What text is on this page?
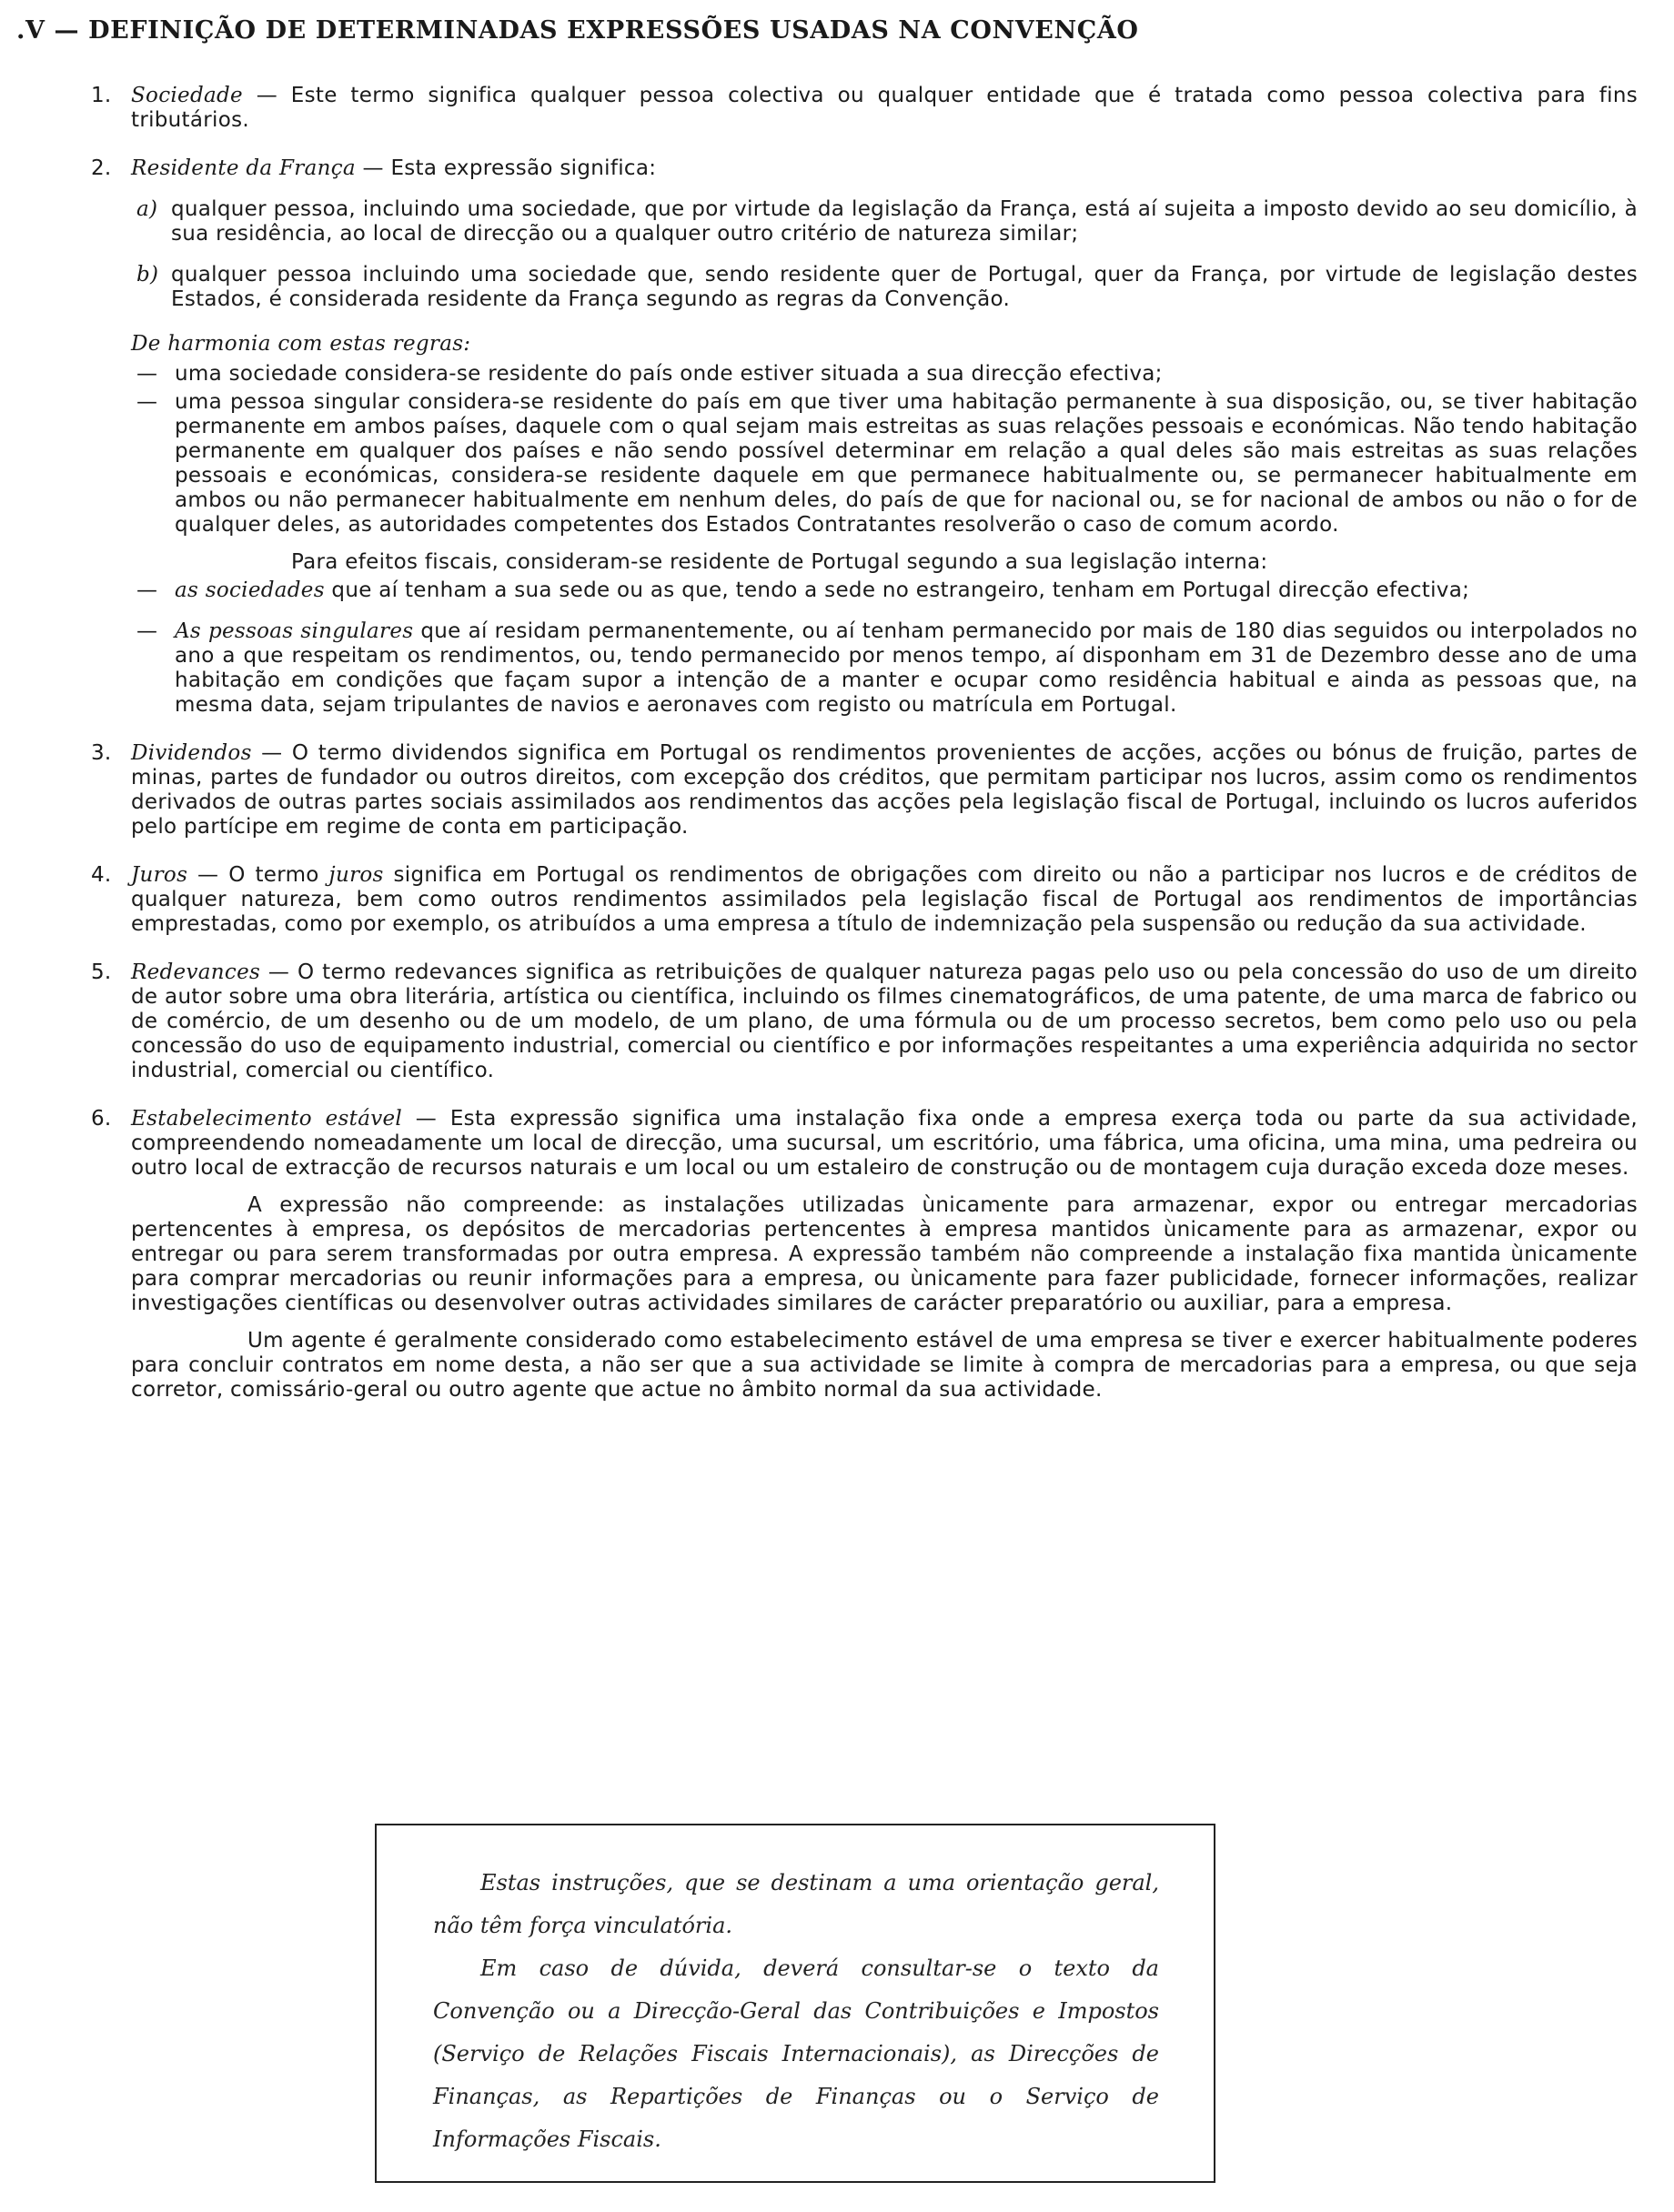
.V — DEFINIÇÃO DE DETERMINADAS EXPRESSÕES USADAS NA CONVENÇÃO
1. Sociedade — Este termo significa qualquer pessoa colectiva ou qualquer entidade que é tratada como pessoa colectiva para fins tributários.
2. Residente da França — Esta expressão significa:
a) qualquer pessoa, incluindo uma sociedade, que por virtude da legislação da França, está aí sujeita a imposto devido ao seu domicílio, à sua residência, ao local de direcção ou a qualquer outro critério de natureza similar;
b) qualquer pessoa incluindo uma sociedade que, sendo residente quer de Portugal, quer da França, por virtude de legislação destes Estados, é considerada residente da França segundo as regras da Convenção.
De harmonia com estas regras:
— uma sociedade considera-se residente do país onde estiver situada a sua direcção efectiva;
— uma pessoa singular considera-se residente do país em que tiver uma habitação permanente à sua disposição, ou, se tiver habitação permanente em ambos países, daquele com o qual sejam mais estreitas as suas relações pessoais e económicas. Não tendo habitação permanente em qualquer dos países e não sendo possível determinar em relação a qual deles são mais estreitas as suas relações pessoais e económicas, considera-se residente daquele em que permanece habitualmente ou, se permanecer habitualmente em ambos ou não permanecer habitualmente em nenhum deles, do país de que for nacional ou, se for nacional de ambos ou não o for de qualquer deles, as autoridades competentes dos Estados Contratantes resolverão o caso de comum acordo.
Para efeitos fiscais, consideram-se residente de Portugal segundo a sua legislação interna:
— as sociedades que aí tenham a sua sede ou as que, tendo a sede no estrangeiro, tenham em Portugal direcção efectiva;
— As pessoas singulares que aí residam permanentemente, ou aí tenham permanecido por mais de 180 dias seguidos ou interpolados no ano a que respeitam os rendimentos, ou, tendo permanecido por menos tempo, aí disponham em 31 de Dezembro desse ano de uma habitação em condições que façam supor a intenção de a manter e ocupar como residência habitual e ainda as pessoas que, na mesma data, sejam tripulantes de navios e aeronaves com registo ou matrícula em Portugal.
3. Dividendos — O termo dividendos significa em Portugal os rendimentos provenientes de acções, acções ou bónus de fruição, partes de minas, partes de fundador ou outros direitos, com excepção dos créditos, que permitam participar nos lucros, assim como os rendimentos derivados de outras partes sociais assimilados aos rendimentos das acções pela legislação fiscal de Portugal, incluindo os lucros auferidos pelo partícipe em regime de conta em participação.
4. Juros — O termo juros significa em Portugal os rendimentos de obrigações com direito ou não a participar nos lucros e de créditos de qualquer natureza, bem como outros rendimentos assimilados pela legislação fiscal de Portugal aos rendimentos de importâncias emprestadas, como por exemplo, os atribuídos a uma empresa a título de indemnização pela suspensão ou redução da sua actividade.
5. Redevances — O termo redevances significa as retribuições de qualquer natureza pagas pelo uso ou pela concessão do uso de um direito de autor sobre uma obra literária, artística ou científica, incluindo os filmes cinematográficos, de uma patente, de uma marca de fabrico ou de comércio, de um desenho ou de um modelo, de um plano, de uma fórmula ou de um processo secretos, bem como pelo uso ou pela concessão do uso de equipamento industrial, comercial ou científico e por informações respeitantes a uma experiência adquirida no sector industrial, comercial ou científico.
6. Estabelecimento estável — Esta expressão significa uma instalação fixa onde a empresa exerça toda ou parte da sua actividade, compreendendo nomeadamente um local de direcção, uma sucursal, um escritório, uma fábrica, uma oficina, uma mina, uma pedreira ou outro local de extracção de recursos naturais e um local ou um estaleiro de construção ou de montagem cuja duração exceda doze meses.
A expressão não compreende: as instalações utilizadas ùnicamente para armazenar, expor ou entregar mercadorias pertencentes à empresa, os depósitos de mercadorias pertencentes à empresa mantidos ùnicamente para as armazenar, expor ou entregar ou para serem transformadas por outra empresa. A expressão também não compreende a instalação fixa mantida ùnicamente para comprar mercadorias ou reunir informações para a empresa, ou ùnicamente para fazer publicidade, fornecer informações, realizar investigações científicas ou desenvolver outras actividades similares de carácter preparatório ou auxiliar, para a empresa.
Um agente é geralmente considerado como estabelecimento estável de uma empresa se tiver e exercer habitualmente poderes para concluir contratos em nome desta, a não ser que a sua actividade se limite à compra de mercadorias para a empresa, ou que seja corretor, comissário-geral ou outro agente que actue no âmbito normal da sua actividade.

Estas instruções, que se destinam a uma orientação geral, não têm força vinculatória.

Em caso de dúvida, deverá consultar-se o texto da Convenção ou a Direcção-Geral das Contribuições e Impostos (Serviço de Relações Fiscais Internacionais), as Direcções de Finanças, as Repartições de Finanças ou o Serviço de Informações Fiscais.
